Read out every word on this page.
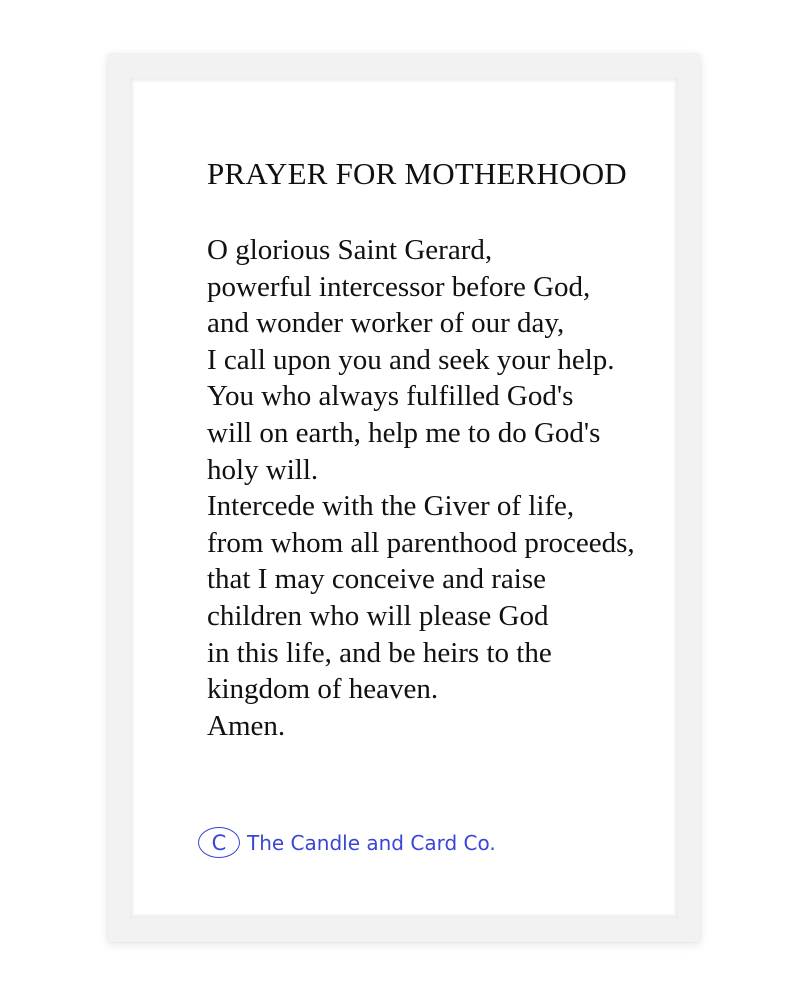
PRAYER FOR MOTHERHOOD
O glorious Saint Gerard,
powerful intercessor before God,
and wonder worker of our day,
I call upon you and seek your help.
You who always fulfilled God's
will on earth, help me to do God's
holy will.
Intercede with the Giver of life,
from whom all parenthood proceeds,
that I may conceive and raise
children who will please God
in this life, and be heirs to the
kingdom of heaven.
Amen.
C	The Candle and Card Co.
